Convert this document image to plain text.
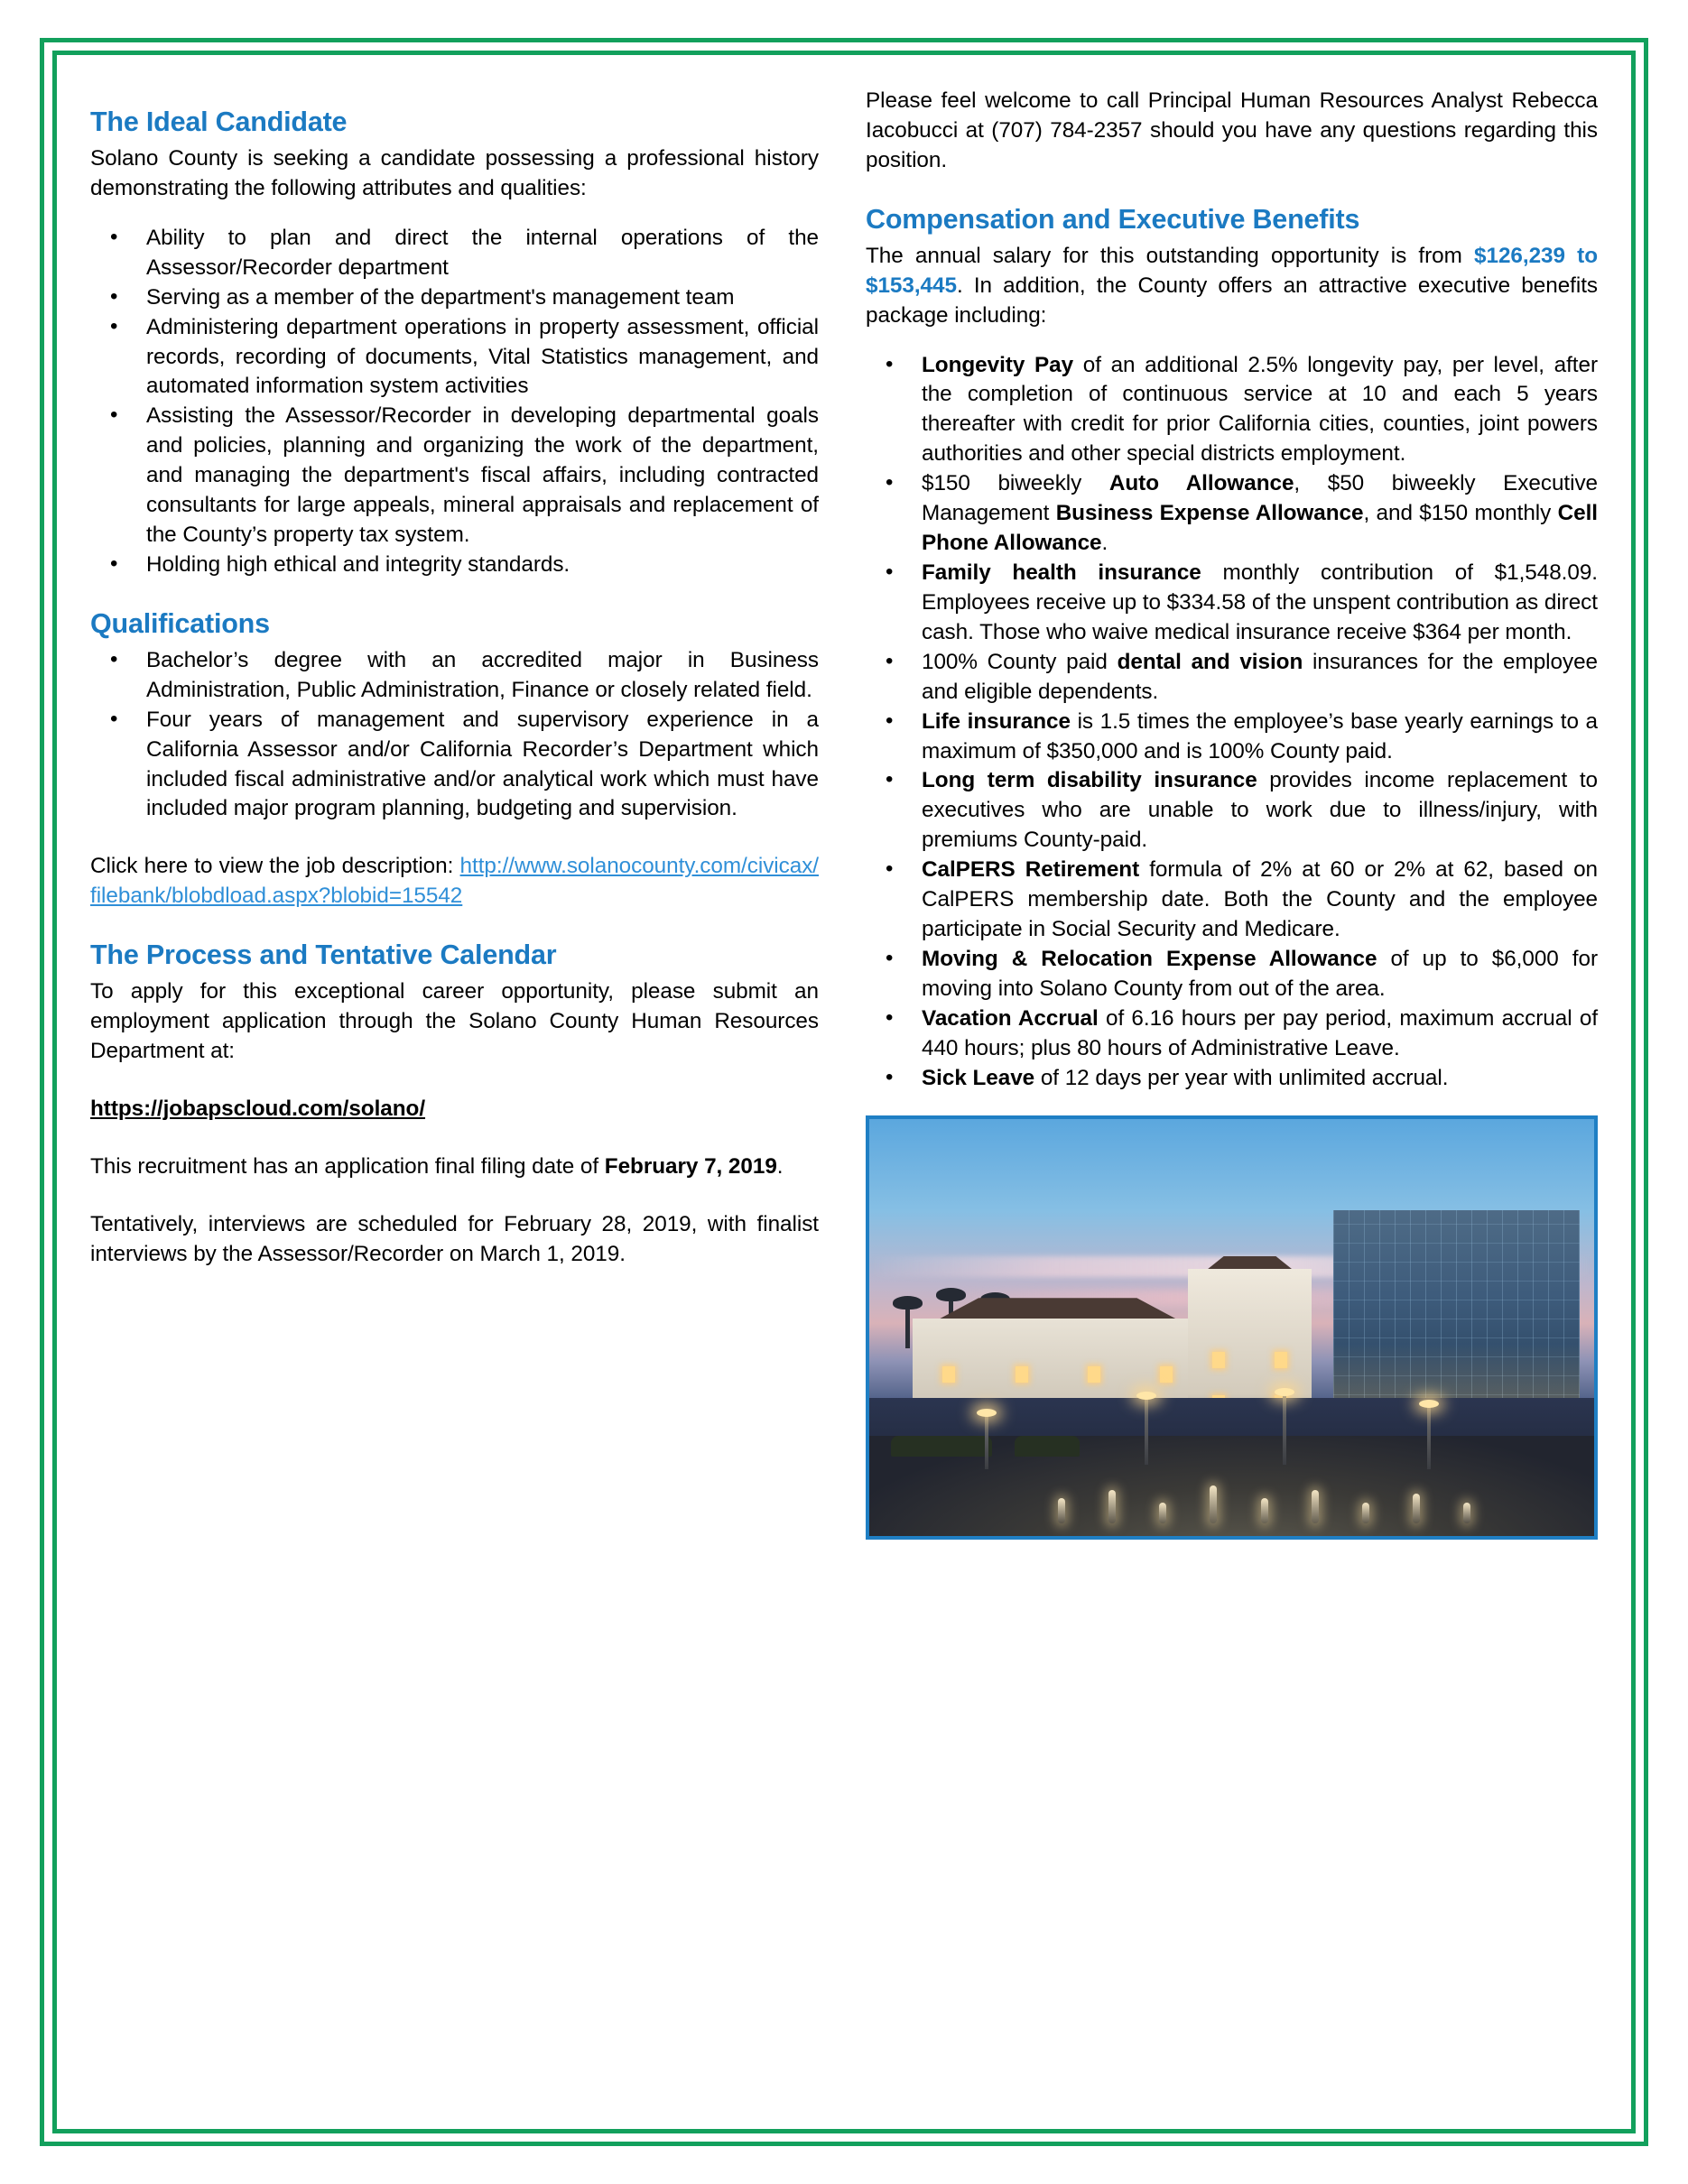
The Ideal Candidate

Solano County is seeking a candidate possessing a professional history demonstrating the following attributes and qualities:

• Ability to plan and direct the internal operations of the Assessor/Recorder department
• Serving as a member of the department's management team
• Administering department operations in property assessment, official records, recording of documents, Vital Statistics management, and automated information system activities
• Assisting the Assessor/Recorder in developing departmental goals and policies, planning and organizing the work of the department, and managing the department's fiscal affairs, including contracted consultants for large appeals, mineral appraisals and replacement of the County’s property tax system.
• Holding high ethical and integrity standards.
Qualifications
• Bachelor’s degree with an accredited major in Business Administration, Public Administration, Finance or closely related field.
• Four years of management and supervisory experience in a California Assessor and/or California Recorder’s Department which included fiscal administrative and/or analytical work which must have included major program planning, budgeting and supervision.

Click here to view the job description: http://www.solanocounty.com/civicax/filebank/blobdload.aspx?blobid=15542

The Process and Tentative Calendar

To apply for this exceptional career opportunity, please submit an employment application through the Solano County Human Resources Department at:

https://jobapscloud.com/solano/

This recruitment has an application final filing date of February 7, 2019.

Tentatively, interviews are scheduled for February 28, 2019, with finalist interviews by the Assessor/Recorder on March 1, 2019.

Please feel welcome to call Principal Human Resources Analyst Rebecca Iacobucci at (707) 784-2357 should you have any questions regarding this position.

Compensation and Executive Benefits

The annual salary for this outstanding opportunity is from $126,239 to $153,445. In addition, the County offers an attractive executive benefits package including:

• Longevity Pay of an additional 2.5% longevity pay, per level, after the completion of continuous service at 10 and each 5 years thereafter with credit for prior California cities, counties, joint powers authorities and other special districts employment.
• $150 biweekly Auto Allowance, $50 biweekly Executive Management Business Expense Allowance, and $150 monthly Cell Phone Allowance.
• Family health insurance monthly contribution of $1,548.09. Employees receive up to $334.58 of the unspent contribution as direct cash. Those who waive medical insurance receive $364 per month.
• 100% County paid dental and vision insurances for the employee and eligible dependents.
• Life insurance is 1.5 times the employee’s base yearly earnings to a maximum of $350,000 and is 100% County paid.
• Long term disability insurance provides income replacement to executives who are unable to work due to illness/injury, with premiums County-paid.
• CalPERS Retirement formula of 2% at 60 or 2% at 62, based on CalPERS membership date. Both the County and the employee participate in Social Security and Medicare.
• Moving & Relocation Expense Allowance of up to $6,000 for moving into Solano County from out of the area.
• Vacation Accrual of 6.16 hours per pay period, maximum accrual of 440 hours; plus 80 hours of Administrative Leave.
• Sick Leave of 12 days per year with unlimited accrual.
